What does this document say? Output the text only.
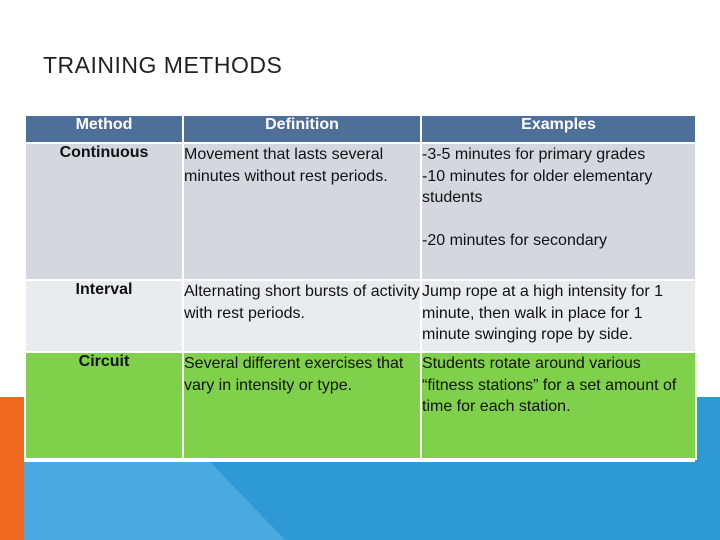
TRAINING METHODS
Method	Definition	Examples
Continuous	Movement that lasts several minutes without rest periods.	-3-5 minutes for primary grades
-10 minutes for older elementary students
-20 minutes for secondary

Interval	Alternating short bursts of activity with rest periods.	Jump rope at a high intensity for 1 minute, then walk in place for 1 minute swinging rope by side.

Circuit	Several different exercises that vary in intensity or type.	Students rotate around various “fitness stations” for a set amount of time for each station.
